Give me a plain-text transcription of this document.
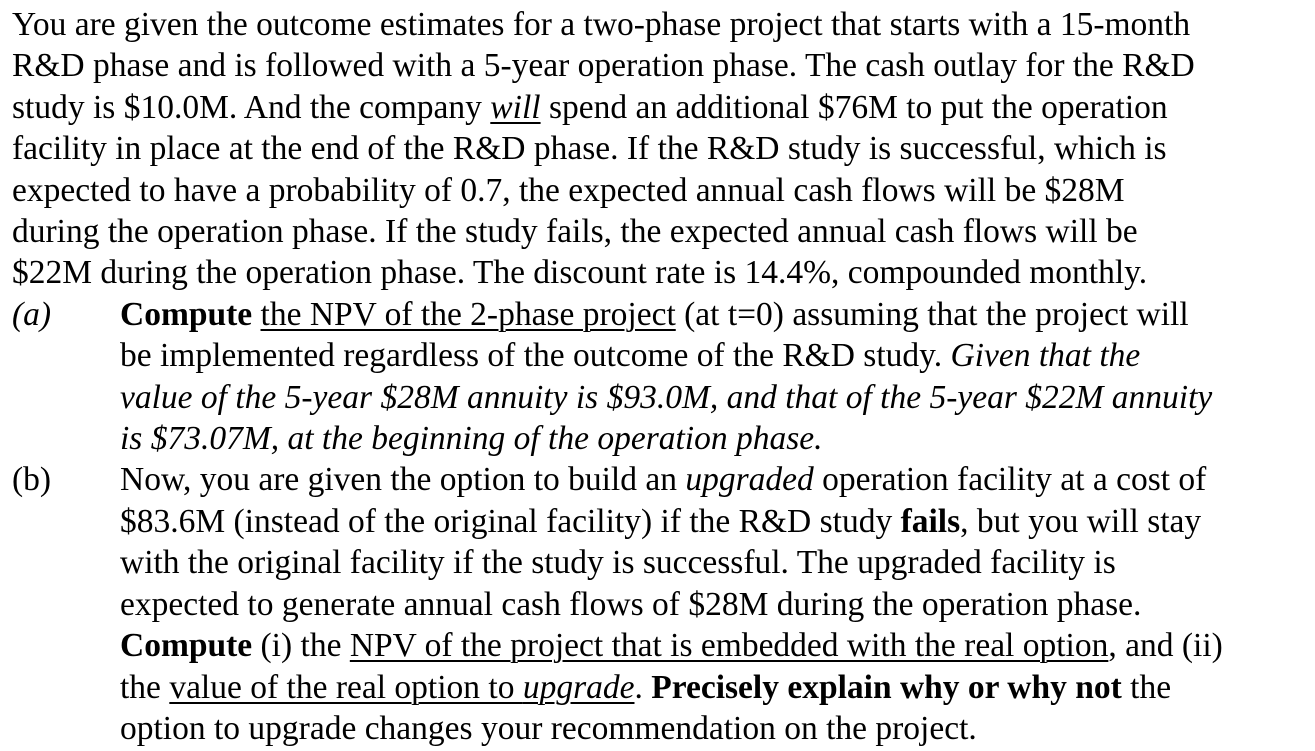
You are given the outcome estimates for a two-phase project that starts with a 15-month
R&D phase and is followed with a 5-year operation phase. The cash outlay for the R&D
study is $10.0M. And the company will spend an additional $76M to put the operation
facility in place at the end of the R&D phase. If the R&D study is successful, which is
expected to have a probability of 0.7, the expected annual cash flows will be $28M
during the operation phase. If the study fails, the expected annual cash flows will be
$22M during the operation phase. The discount rate is 14.4%, compounded monthly.
(a) Compute the NPV of the 2-phase project (at t=0) assuming that the project will
be implemented regardless of the outcome of the R&D study. Given that the
value of the 5-year $28M annuity is $93.0M, and that of the 5-year $22M annuity
is $73.07M, at the beginning of the operation phase.
(b) Now, you are given the option to build an upgraded operation facility at a cost of
$83.6M (instead of the original facility) if the R&D study fails, but you will stay
with the original facility if the study is successful. The upgraded facility is
expected to generate annual cash flows of $28M during the operation phase.
Compute (i) the NPV of the project that is embedded with the real option, and (ii)
the value of the real option to upgrade. Precisely explain why or why not the
option to upgrade changes your recommendation on the project.
